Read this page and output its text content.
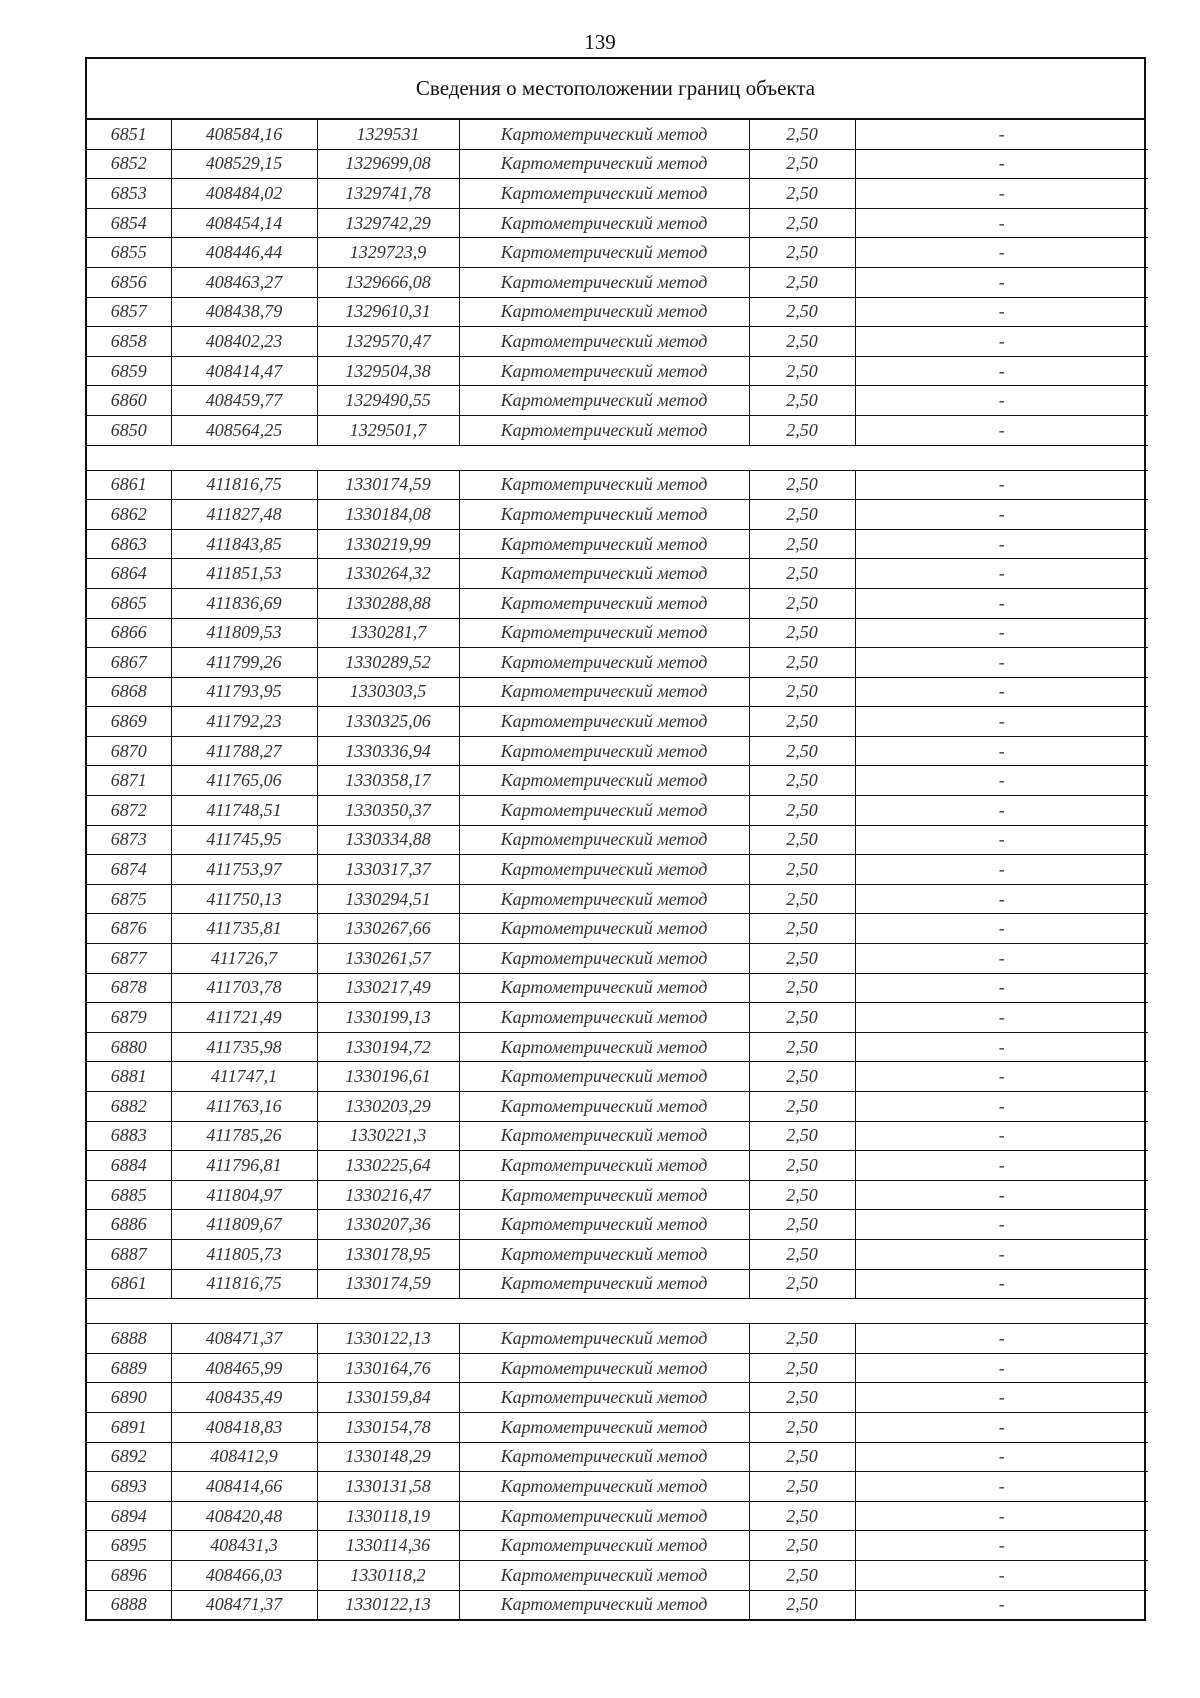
139
Сведения о местоположении границ объекта
6851	408584,16	1329531	Картометрический метод	2,50	-
6852	408529,15	1329699,08	Картометрический метод	2,50	-
6853	408484,02	1329741,78	Картометрический метод	2,50	-
6854	408454,14	1329742,29	Картометрический метод	2,50	-
6855	408446,44	1329723,9	Картометрический метод	2,50	-
6856	408463,27	1329666,08	Картометрический метод	2,50	-
6857	408438,79	1329610,31	Картометрический метод	2,50	-
6858	408402,23	1329570,47	Картометрический метод	2,50	-
6859	408414,47	1329504,38	Картометрический метод	2,50	-
6860	408459,77	1329490,55	Картометрический метод	2,50	-
6850	408564,25	1329501,7	Картометрический метод	2,50	-

6861	411816,75	1330174,59	Картометрический метод	2,50	-
6862	411827,48	1330184,08	Картометрический метод	2,50	-
6863	411843,85	1330219,99	Картометрический метод	2,50	-
6864	411851,53	1330264,32	Картометрический метод	2,50	-
6865	411836,69	1330288,88	Картометрический метод	2,50	-
6866	411809,53	1330281,7	Картометрический метод	2,50	-
6867	411799,26	1330289,52	Картометрический метод	2,50	-
6868	411793,95	1330303,5	Картометрический метод	2,50	-
6869	411792,23	1330325,06	Картометрический метод	2,50	-
6870	411788,27	1330336,94	Картометрический метод	2,50	-
6871	411765,06	1330358,17	Картометрический метод	2,50	-
6872	411748,51	1330350,37	Картометрический метод	2,50	-
6873	411745,95	1330334,88	Картометрический метод	2,50	-
6874	411753,97	1330317,37	Картометрический метод	2,50	-
6875	411750,13	1330294,51	Картометрический метод	2,50	-
6876	411735,81	1330267,66	Картометрический метод	2,50	-
6877	411726,7	1330261,57	Картометрический метод	2,50	-
6878	411703,78	1330217,49	Картометрический метод	2,50	-
6879	411721,49	1330199,13	Картометрический метод	2,50	-
6880	411735,98	1330194,72	Картометрический метод	2,50	-
6881	411747,1	1330196,61	Картометрический метод	2,50	-
6882	411763,16	1330203,29	Картометрический метод	2,50	-
6883	411785,26	1330221,3	Картометрический метод	2,50	-
6884	411796,81	1330225,64	Картометрический метод	2,50	-
6885	411804,97	1330216,47	Картометрический метод	2,50	-
6886	411809,67	1330207,36	Картометрический метод	2,50	-
6887	411805,73	1330178,95	Картометрический метод	2,50	-
6861	411816,75	1330174,59	Картометрический метод	2,50	-

6888	408471,37	1330122,13	Картометрический метод	2,50	-
6889	408465,99	1330164,76	Картометрический метод	2,50	-
6890	408435,49	1330159,84	Картометрический метод	2,50	-
6891	408418,83	1330154,78	Картометрический метод	2,50	-
6892	408412,9	1330148,29	Картометрический метод	2,50	-
6893	408414,66	1330131,58	Картометрический метод	2,50	-
6894	408420,48	1330118,19	Картометрический метод	2,50	-
6895	408431,3	1330114,36	Картометрический метод	2,50	-
6896	408466,03	1330118,2	Картометрический метод	2,50	-
6888	408471,37	1330122,13	Картометрический метод	2,50	-
